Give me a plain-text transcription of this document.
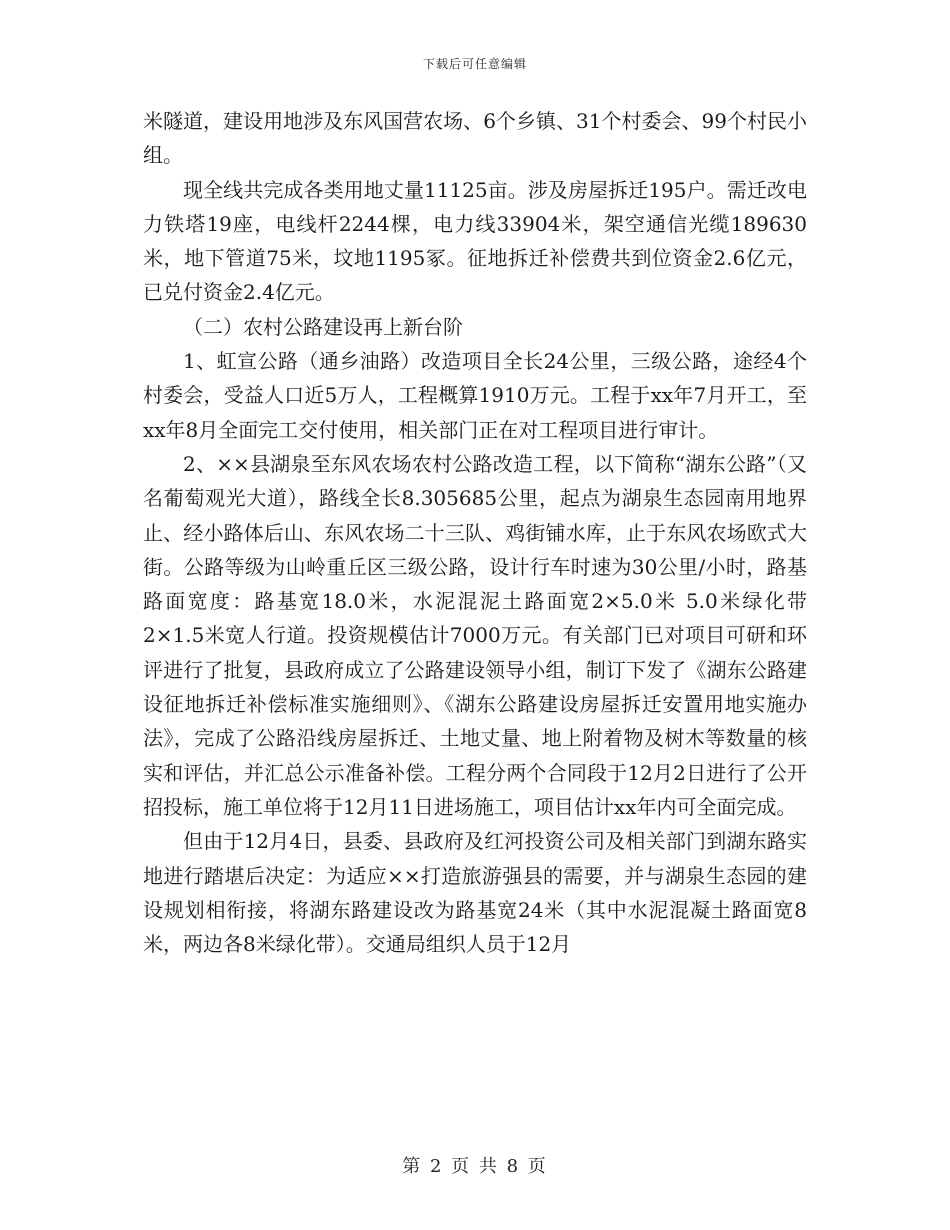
下载后可任意编辑

米隧道，建设用地涉及东风国营农场、6个乡镇、31个村委会、99个村民小组。

现全线共完成各类用地丈量11125亩。涉及房屋拆迁195户。需迁改电力铁塔19座，电线杆2244棵，电力线33904米，架空通信光缆189630米，地下管道75米，坟地1195冢。征地拆迁补偿费共到位资金2.6亿元，已兑付资金2.4亿元。

（二）农村公路建设再上新台阶

1、虹宣公路（通乡油路）改造项目全长24公里，三级公路，途经4个村委会，受益人口近5万人，工程概算1910万元。工程于xx年7月开工，至xx年8月全面完工交付使用，相关部门正在对工程项目进行审计。

2、××县湖泉至东风农场农村公路改造工程，以下简称“湖东公路”（又名葡萄观光大道），路线全长8.305685公里，起点为湖泉生态园南用地界止、经小路体后山、东风农场二十三队、鸡街铺水库，止于东风农场欧式大街。公路等级为山岭重丘区三级公路，设计行车时速为30公里/小时，路基路面宽度：路基宽18.0米，水泥混泥土路面宽2×5.0米 5.0米绿化带 2×1.5米宽人行道。投资规模估计7000万元。有关部门已对项目可研和环评进行了批复，县政府成立了公路建设领导小组，制订下发了《湖东公路建设征地拆迁补偿标准实施细则》、《湖东公路建设房屋拆迁安置用地实施办法》，完成了公路沿线房屋拆迁、土地丈量、地上附着物及树木等数量的核实和评估，并汇总公示准备补偿。工程分两个合同段于12月2日进行了公开招投标，施工单位将于12月11日进场施工，项目估计xx年内可全面完成。

但由于12月4日，县委、县政府及红河投资公司及相关部门到湖东路实地进行踏堪后决定：为适应××打造旅游强县的需要，并与湖泉生态园的建设规划相衔接，将湖东路建设改为路基宽24米（其中水泥混凝土路面宽8米，两边各8米绿化带）。交通局组织人员于12月

第 2 页 共 8 页
